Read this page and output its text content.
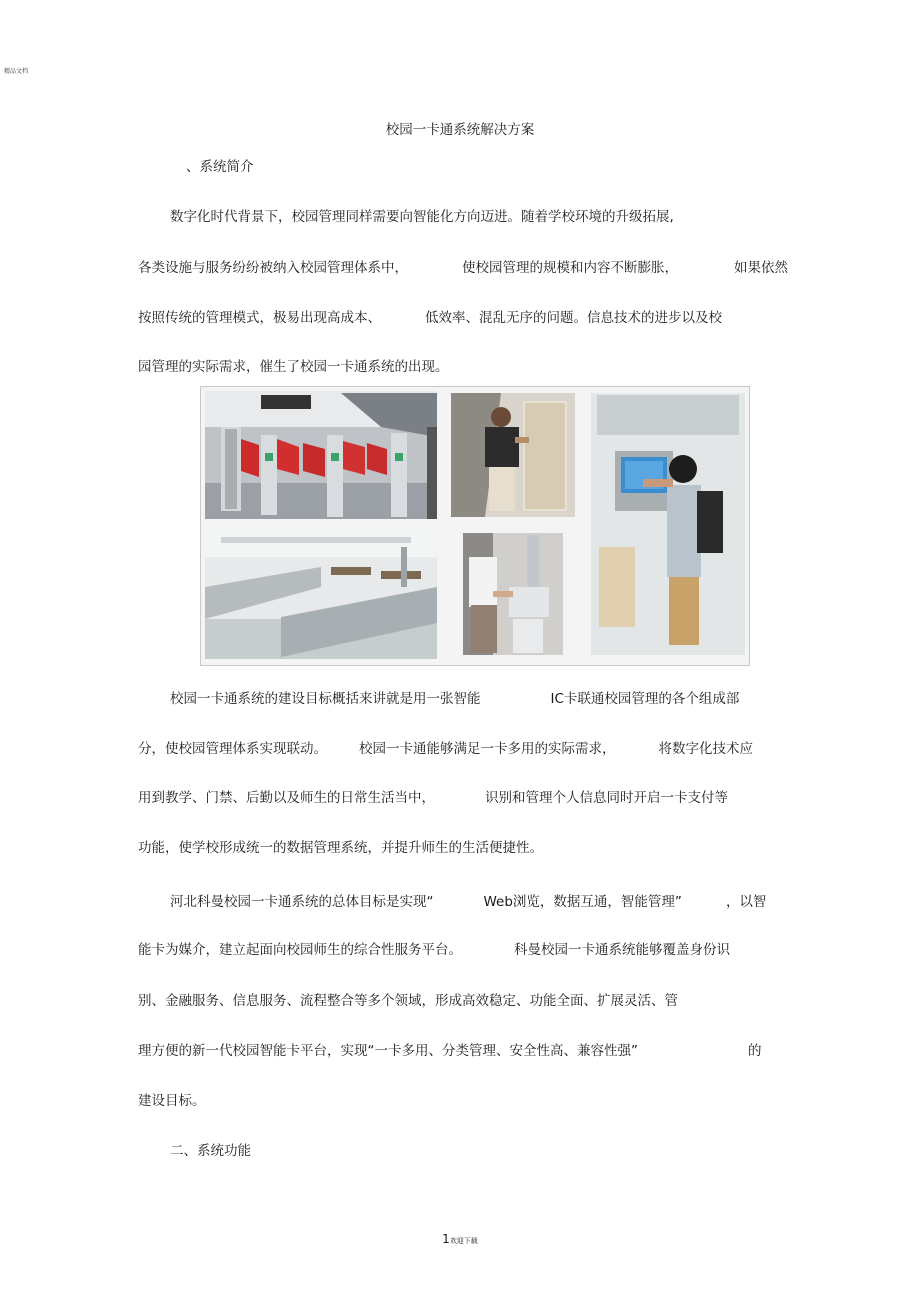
精品文档
校园一卡通系统解决方案
、系统简介
数字化时代背景下，校园管理同样需要向智能化方向迈进。随着学校环境的升级拓展,
各类设施与服务纷纷被纳入校园管理体系中，	使校园管理的规模和内容不断膨胀，	如果依然
按照传统的管理模式，极易出现高成本、	低效率、混乱无序的问题。信息技术的进步以及校
园管理的实际需求，催生了校园一卡通系统的出现。
校园一卡通系统的建设目标概括来讲就是用一张智能	IC卡联通校园管理的各个组成部
分，使校园管理体系实现联动。 校园一卡通能够满足一卡多用的实际需求，	将数字化技术应
用到教学、门禁、后勤以及师生的日常生活当中，	识别和管理个人信息同时开启一卡支付等
功能，使学校形成统一的数据管理系统，并提升师生的生活便捷性。
河北科曼校园一卡通系统的总体目标是实现“	Web浏览，数据互通，智能管理”	，以智
能卡为媒介，建立起面向校园师生的综合性服务平台。	科曼校园一卡通系统能够覆盖身份识
别、金融服务、信息服务、流程整合等多个领域，形成高效稳定、功能全面、扩展灵活、管
理方便的新一代校园智能卡平台，实现“一卡多用、分类管理、安全性高、兼容性强”	的
建设目标。
二、系统功能
1欢迎下载
